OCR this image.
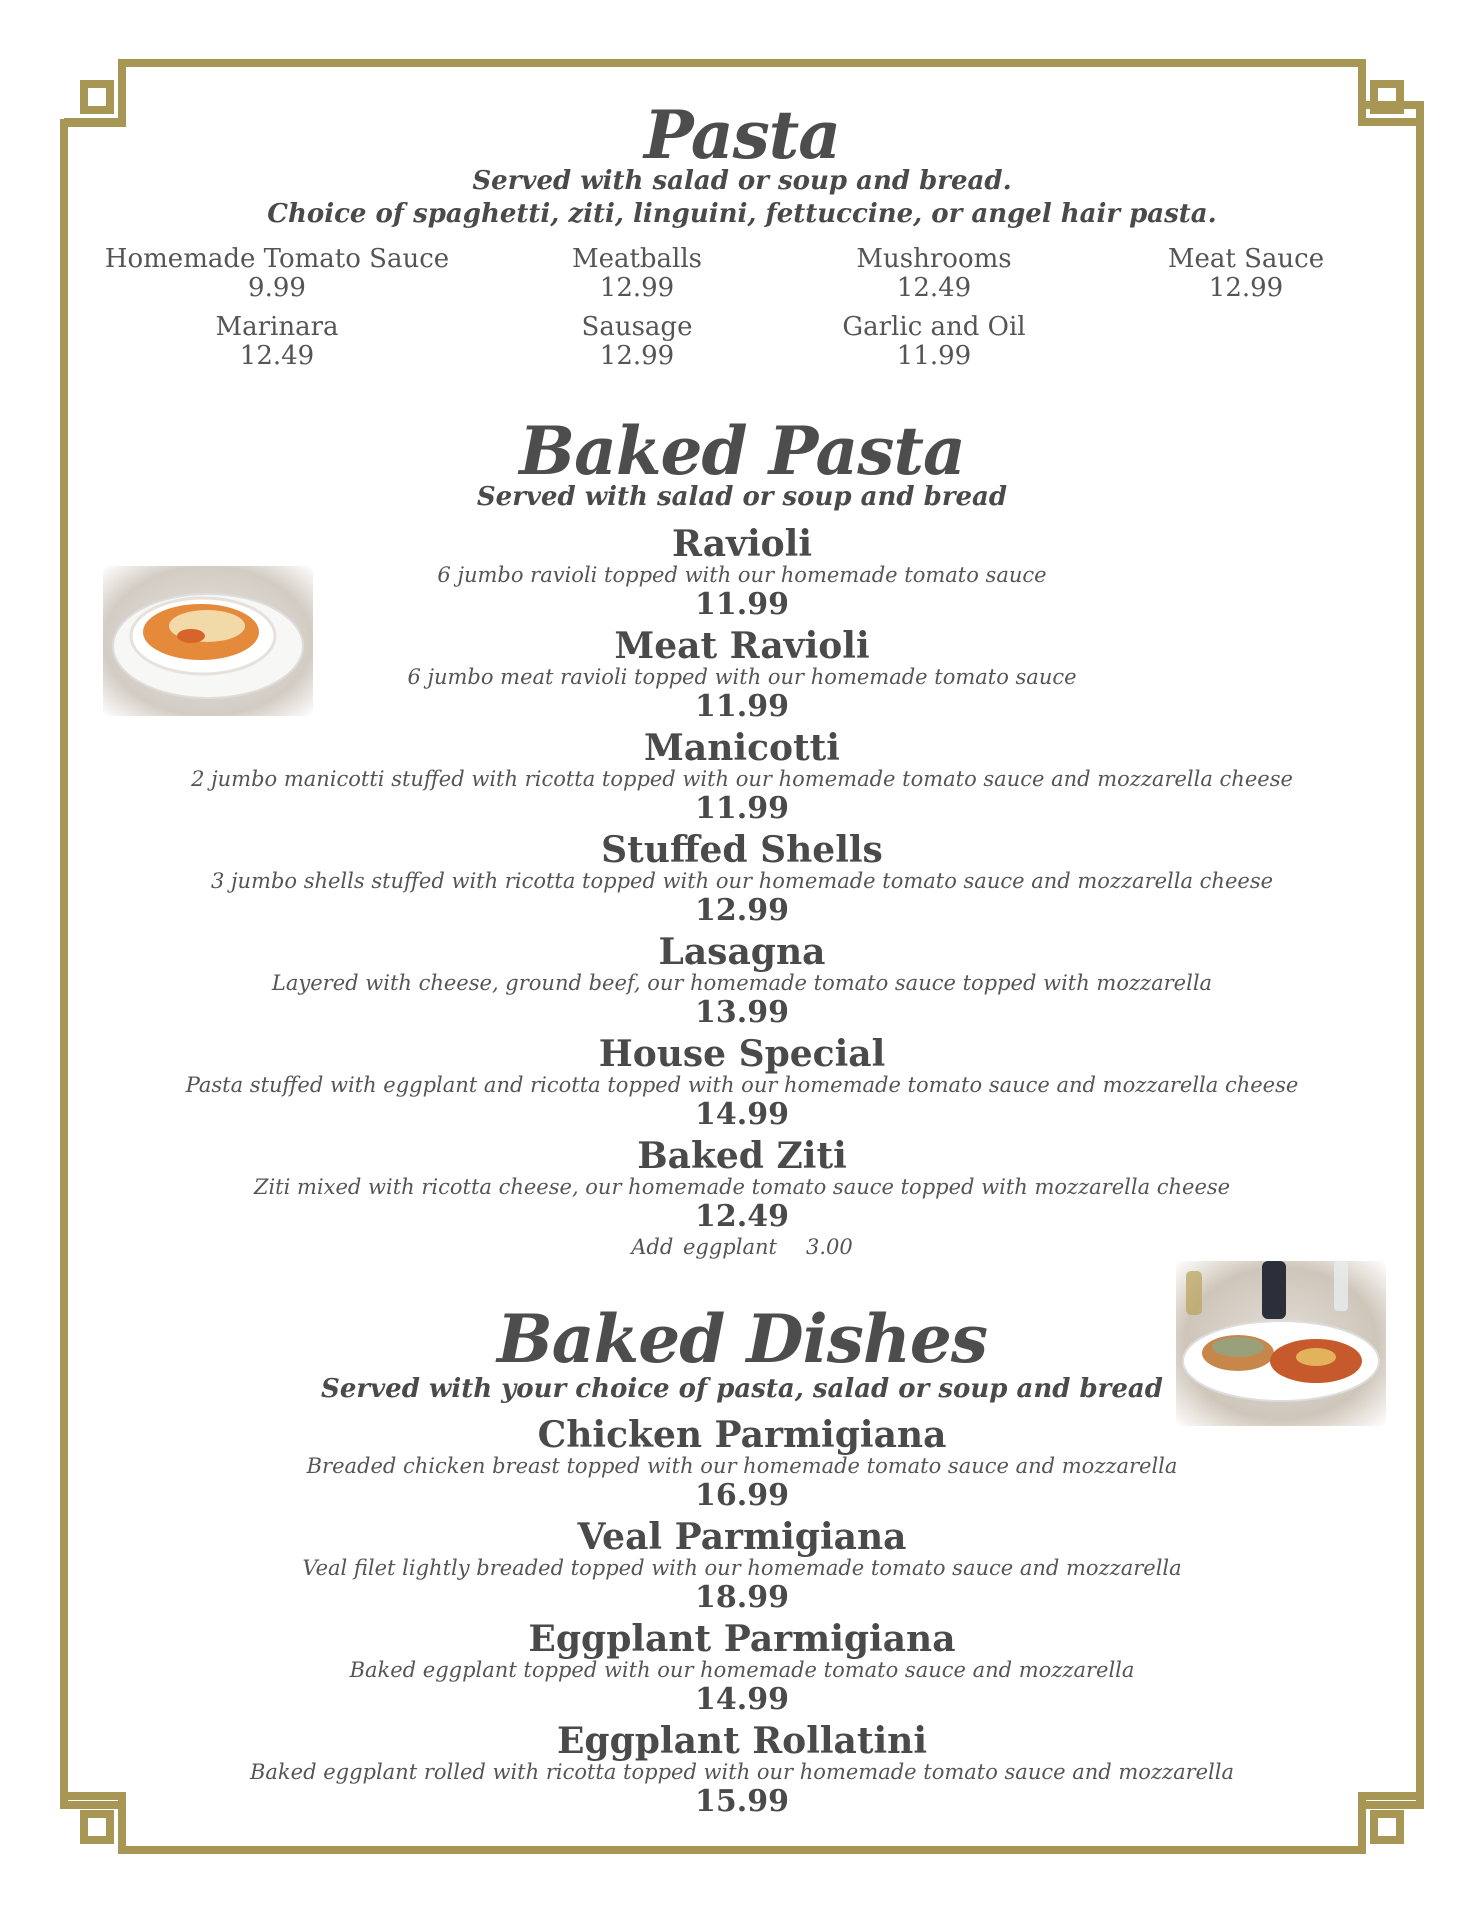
Pasta
Served with salad or soup and bread.
Choice of spaghetti, ziti, linguini, fettuccine, or angel hair pasta.
Homemade Tomato Sauce
9.99
Meatballs
12.99
Mushrooms
12.49
Meat Sauce
12.99
Marinara
12.49
Sausage
12.99
Garlic and Oil
11.99
Baked Pasta
Served with salad or soup and bread
Ravioli
6 jumbo ravioli topped with our homemade tomato sauce
11.99
Meat Ravioli
6 jumbo meat ravioli topped with our homemade tomato sauce
11.99
Manicotti
2 jumbo manicotti stuffed with ricotta topped with our homemade tomato sauce and mozzarella cheese
11.99
Stuffed Shells
3 jumbo shells stuffed with ricotta topped with our homemade tomato sauce and mozzarella cheese
12.99
Lasagna
Layered with cheese, ground beef, our homemade tomato sauce topped with mozzarella
13.99
House Special
Pasta stuffed with eggplant and ricotta topped with our homemade tomato sauce and mozzarella cheese
14.99
Baked Ziti
Ziti mixed with ricotta cheese, our homemade tomato sauce topped with mozzarella cheese
12.49
Add eggplant   3.00
Baked Dishes
Served with your choice of pasta, salad or soup and bread
Chicken Parmigiana
Breaded chicken breast topped with our homemade tomato sauce and mozzarella
16.99
Veal Parmigiana
Veal filet lightly breaded topped with our homemade tomato sauce and mozzarella
18.99
Eggplant Parmigiana
Baked eggplant topped with our homemade tomato sauce and mozzarella
14.99
Eggplant Rollatini
Baked eggplant rolled with ricotta topped with our homemade tomato sauce and mozzarella
15.99
